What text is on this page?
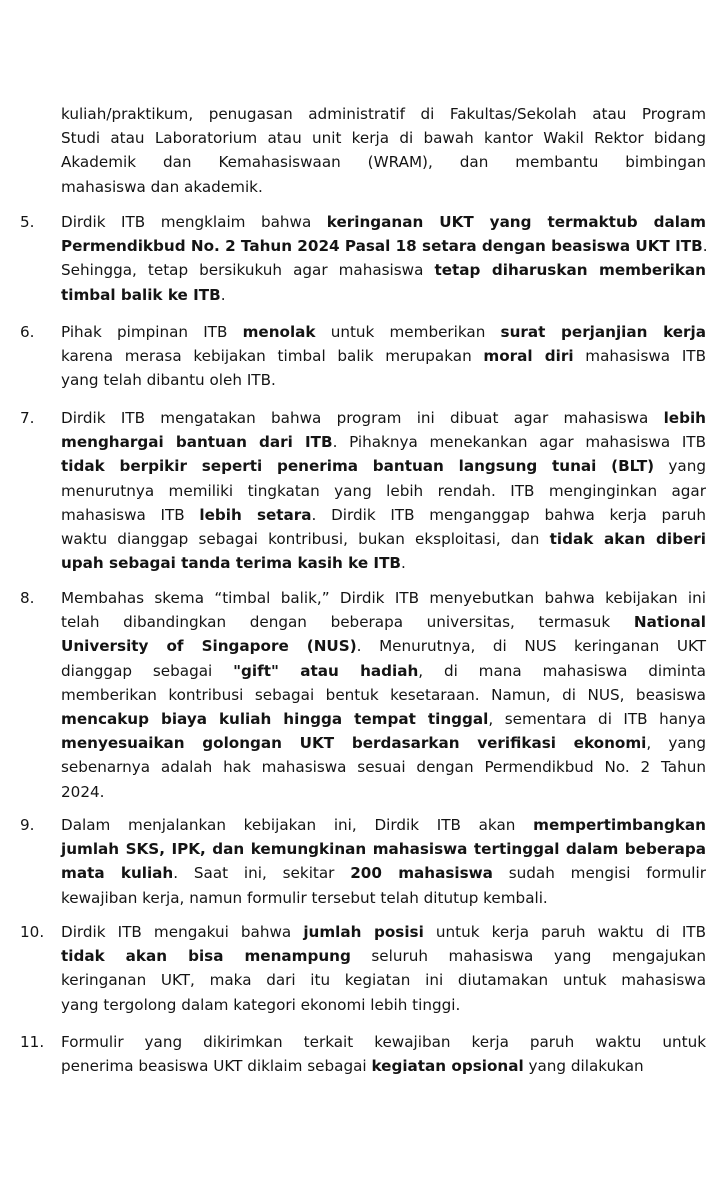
kuliah/praktikum, penugasan administratif di Fakultas/Sekolah atau Program
Studi atau Laboratorium atau unit kerja di bawah kantor Wakil Rektor bidang
Akademik dan Kemahasiswaan (WRAM), dan membantu bimbingan
mahasiswa dan akademik.
5.	Dirdik ITB mengklaim bahwa keringanan UKT yang termaktub dalam
Permendikbud No. 2 Tahun 2024 Pasal 18 setara dengan beasiswa UKT ITB.
Sehingga, tetap bersikukuh agar mahasiswa tetap diharuskan memberikan
timbal balik ke ITB.
6.	Pihak pimpinan ITB menolak untuk memberikan surat perjanjian kerja
karena merasa kebijakan timbal balik merupakan moral diri mahasiswa ITB
yang telah dibantu oleh ITB.
7.	Dirdik ITB mengatakan bahwa program ini dibuat agar mahasiswa lebih
menghargai bantuan dari ITB. Pihaknya menekankan agar mahasiswa ITB
tidak berpikir seperti penerima bantuan langsung tunai (BLT) yang
menurutnya memiliki tingkatan yang lebih rendah. ITB menginginkan agar
mahasiswa ITB lebih setara. Dirdik ITB menganggap bahwa kerja paruh
waktu dianggap sebagai kontribusi, bukan eksploitasi, dan tidak akan diberi
upah sebagai tanda terima kasih ke ITB.
8.	Membahas skema “timbal balik,” Dirdik ITB menyebutkan bahwa kebijakan ini
telah dibandingkan dengan beberapa universitas, termasuk National
University of Singapore (NUS). Menurutnya, di NUS keringanan UKT
dianggap sebagai "gift" atau hadiah, di mana mahasiswa diminta
memberikan kontribusi sebagai bentuk kesetaraan. Namun, di NUS, beasiswa
mencakup biaya kuliah hingga tempat tinggal, sementara di ITB hanya
menyesuaikan golongan UKT berdasarkan verifikasi ekonomi, yang
sebenarnya adalah hak mahasiswa sesuai dengan Permendikbud No. 2 Tahun
2024.
9.	Dalam menjalankan kebijakan ini, Dirdik ITB akan mempertimbangkan
jumlah SKS, IPK, dan kemungkinan mahasiswa tertinggal dalam beberapa
mata kuliah. Saat ini, sekitar 200 mahasiswa sudah mengisi formulir
kewajiban kerja, namun formulir tersebut telah ditutup kembali.
10.	Dirdik ITB mengakui bahwa jumlah posisi untuk kerja paruh waktu di ITB
tidak akan bisa menampung seluruh mahasiswa yang mengajukan
keringanan UKT, maka dari itu kegiatan ini diutamakan untuk mahasiswa
yang tergolong dalam kategori ekonomi lebih tinggi.
11.	Formulir yang dikirimkan terkait kewajiban kerja paruh waktu untuk
penerima beasiswa UKT diklaim sebagai kegiatan opsional yang dilakukan
